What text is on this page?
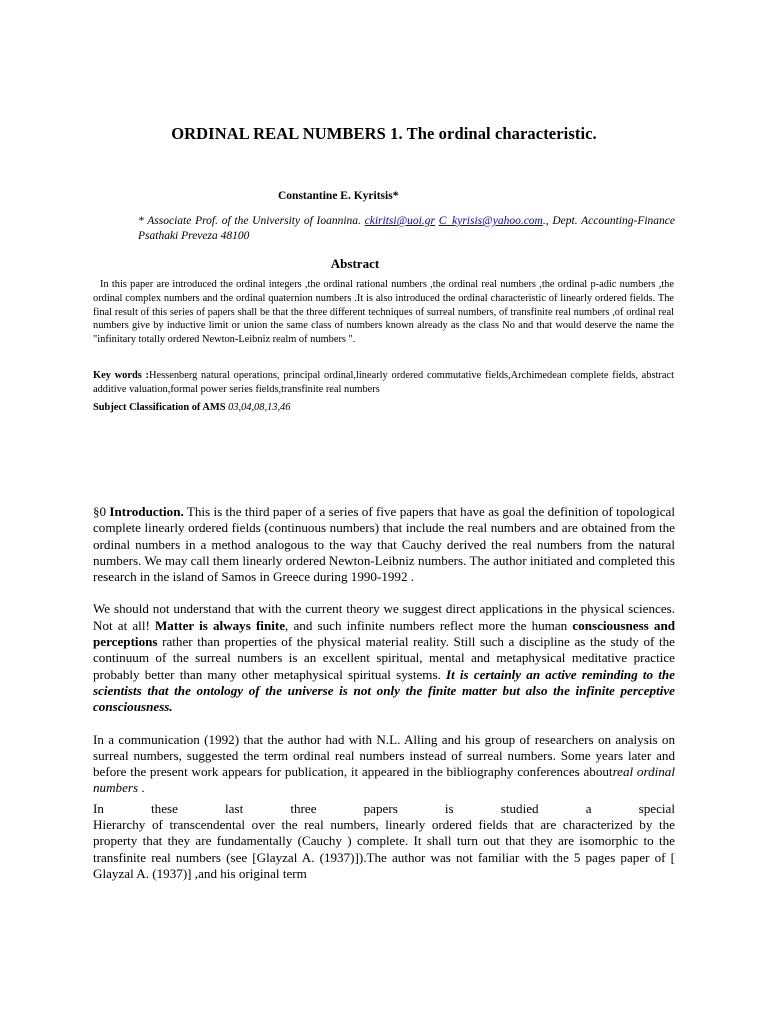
ORDINAL REAL NUMBERS 1. The ordinal characteristic.
Constantine E. Kyritsis*
* Associate Prof. of the University of Ioannina. ckiritsi@uoi.gr C_kyrisis@yahoo.com., Dept. Accounting-Finance Psathaki Preveza 48100
Abstract
In this paper are introduced the ordinal integers ,the ordinal rational numbers ,the ordinal real numbers ,the ordinal p-adic numbers ,the ordinal complex numbers and the ordinal quaternion numbers .It is also introduced the ordinal characteristic of linearly ordered fields. The final result of this series of papers shall be that the three different techniques of surreal numbers, of transfinite real numbers ,of ordinal real numbers give by inductive limit or union the same class of numbers known already as the class No and that would deserve the name the "infinitary totally ordered Newton-Leibniz realm of numbers ".
Key words :Hessenberg natural operations, principal ordinal,linearly ordered commutative fields,Archimedean complete fields, abstract additive valuation,formal power series fields,transfinite real numbers
Subject Classification of AMS 03,04,08,13,46

§0 Introduction. This is the third paper of a series of five papers that have as goal the definition of topological complete linearly ordered fields (continuous numbers) that include the real numbers and are obtained from the ordinal numbers in a method analogous to the way that Cauchy derived the real numbers from the natural numbers. We may call them linearly ordered Newton-Leibniz numbers. The author initiated and completed this research in the island of Samos in Greece during 1990-1992 .

We should not understand that with the current theory we suggest direct applications in the physical sciences. Not at all! Matter is always finite, and such infinite numbers reflect more the human consciousness and perceptions rather than properties of the physical material reality. Still such a discipline as the study of the continuum of the surreal numbers is an excellent spiritual, mental and metaphysical meditative practice probably better than many other metaphysical spiritual systems. It is certainly an active reminding to the scientists that the ontology of the universe is not only the finite matter but also the infinite perceptive consciousness.

In a communication (1992) that the author had with N.L. Alling and his group of researchers on analysis on surreal numbers, suggested the term ordinal real numbers instead of surreal numbers. Some years later and before the present work appears for publication, it appeared in the bibliography conferences aboutreal ordinal numbers .

In these last three papers is studied a special
Hierarchy of transcendental over the real numbers, linearly ordered fields that are characterized by the property that they are fundamentally (Cauchy ) complete. It shall turn out that they are isomorphic to the transfinite real numbers (see [Glayzal A. (1937)]).The author was not familiar with the 5 pages paper of [ Glayzal A. (1937)] ,and his original term
